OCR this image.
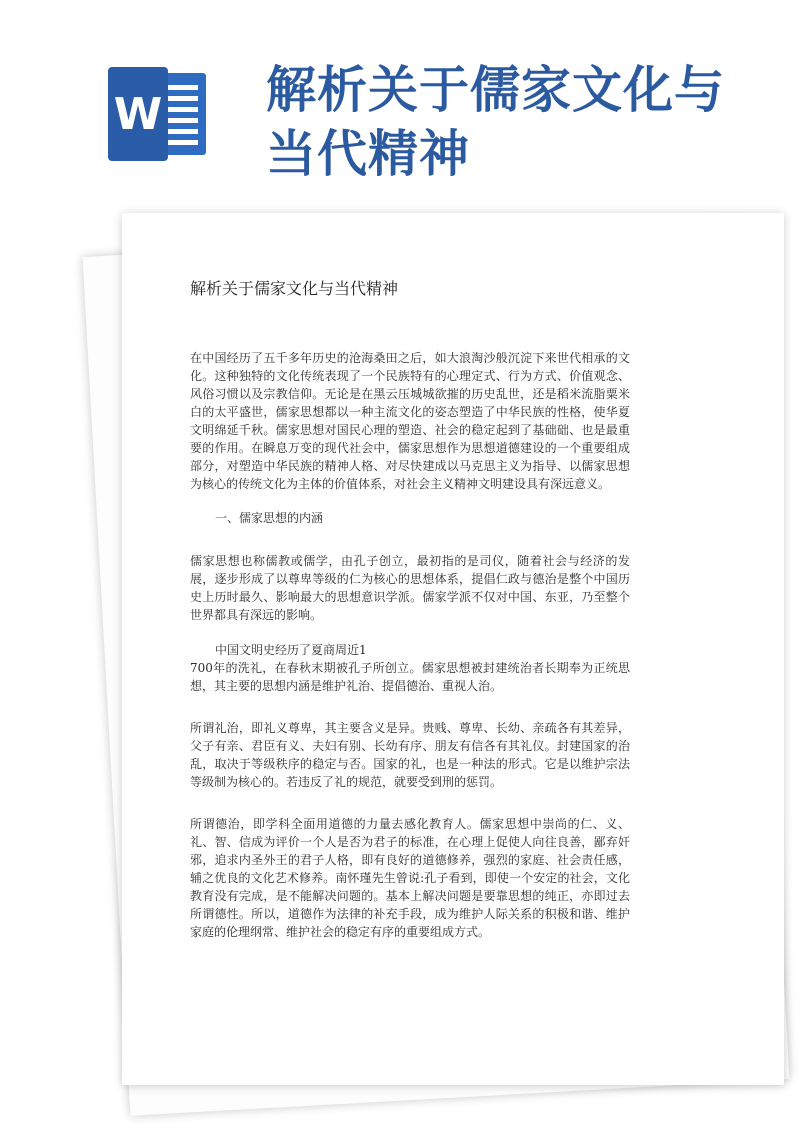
W 解析关于儒家文化与当代精神
解析关于儒家文化与当代精神

在中国经历了五千多年历史的沧海桑田之后，如大浪淘沙般沉淀下来世代相承的文化。这种独特的文化传统表现了一个民族特有的心理定式、行为方式、价值观念、风俗习惯以及宗教信仰。无论是在黑云压城城欲摧的历史乱世，还是稻米流脂粟米白的太平盛世，儒家思想都以一种主流文化的姿态塑造了中华民族的性格，使华夏文明绵延千秋。儒家思想对国民心理的塑造、社会的稳定起到了基础础、也是最重要的作用。在瞬息万变的现代社会中，儒家思想作为思想道德建设的一个重要组成部分，对塑造中华民族的精神人格、对尽快建成以马克思主义为指导、以儒家思想为核心的传统文化为主体的价值体系，对社会主义精神文明建设具有深远意义。

一、儒家思想的内涵

儒家思想也称儒教或儒学，由孔子创立，最初指的是司仪，随着社会与经济的发展，逐步形成了以尊卑等级的仁为核心的思想体系，提倡仁政与德治是整个中国历史上历时最久、影响最大的思想意识学派。儒家学派不仅对中国、东亚，乃至整个世界都具有深远的影响。

中国文明史经历了夏商周近1

700年的洗礼，在春秋末期被孔子所创立。儒家思想被封建统治者长期奉为正统思想，其主要的思想内涵是维护礼治、提倡德治、重视人治。

所谓礼治，即礼义尊卑，其主要含义是异。贵贱、尊卑、长幼、亲疏各有其差异，父子有亲、君臣有义、夫妇有别、长幼有序、朋友有信各有其礼仪。封建国家的治乱，取决于等级秩序的稳定与否。国家的礼，也是一种法的形式。它是以维护宗法等级制为核心的。若违反了礼的规范，就要受到刑的惩罚。

所谓德治，即学科全面用道德的力量去感化教育人。儒家思想中崇尚的仁、义、礼、智、信成为评价一个人是否为君子的标准，在心理上促使人向往良善，鄙弃奸邪，追求内圣外王的君子人格，即有良好的道德修养，强烈的家庭、社会责任感，辅之优良的文化艺术修养。南怀瑾先生曾说:孔子看到，即使一个安定的社会，文化教育没有完成，是不能解决问题的。基本上解决问题是要靠思想的纯正，亦即过去所谓德性。所以，道德作为法律的补充手段，成为维护人际关系的积极和谐、维护家庭的伦理纲常、维护社会的稳定有序的重要组成方式。
